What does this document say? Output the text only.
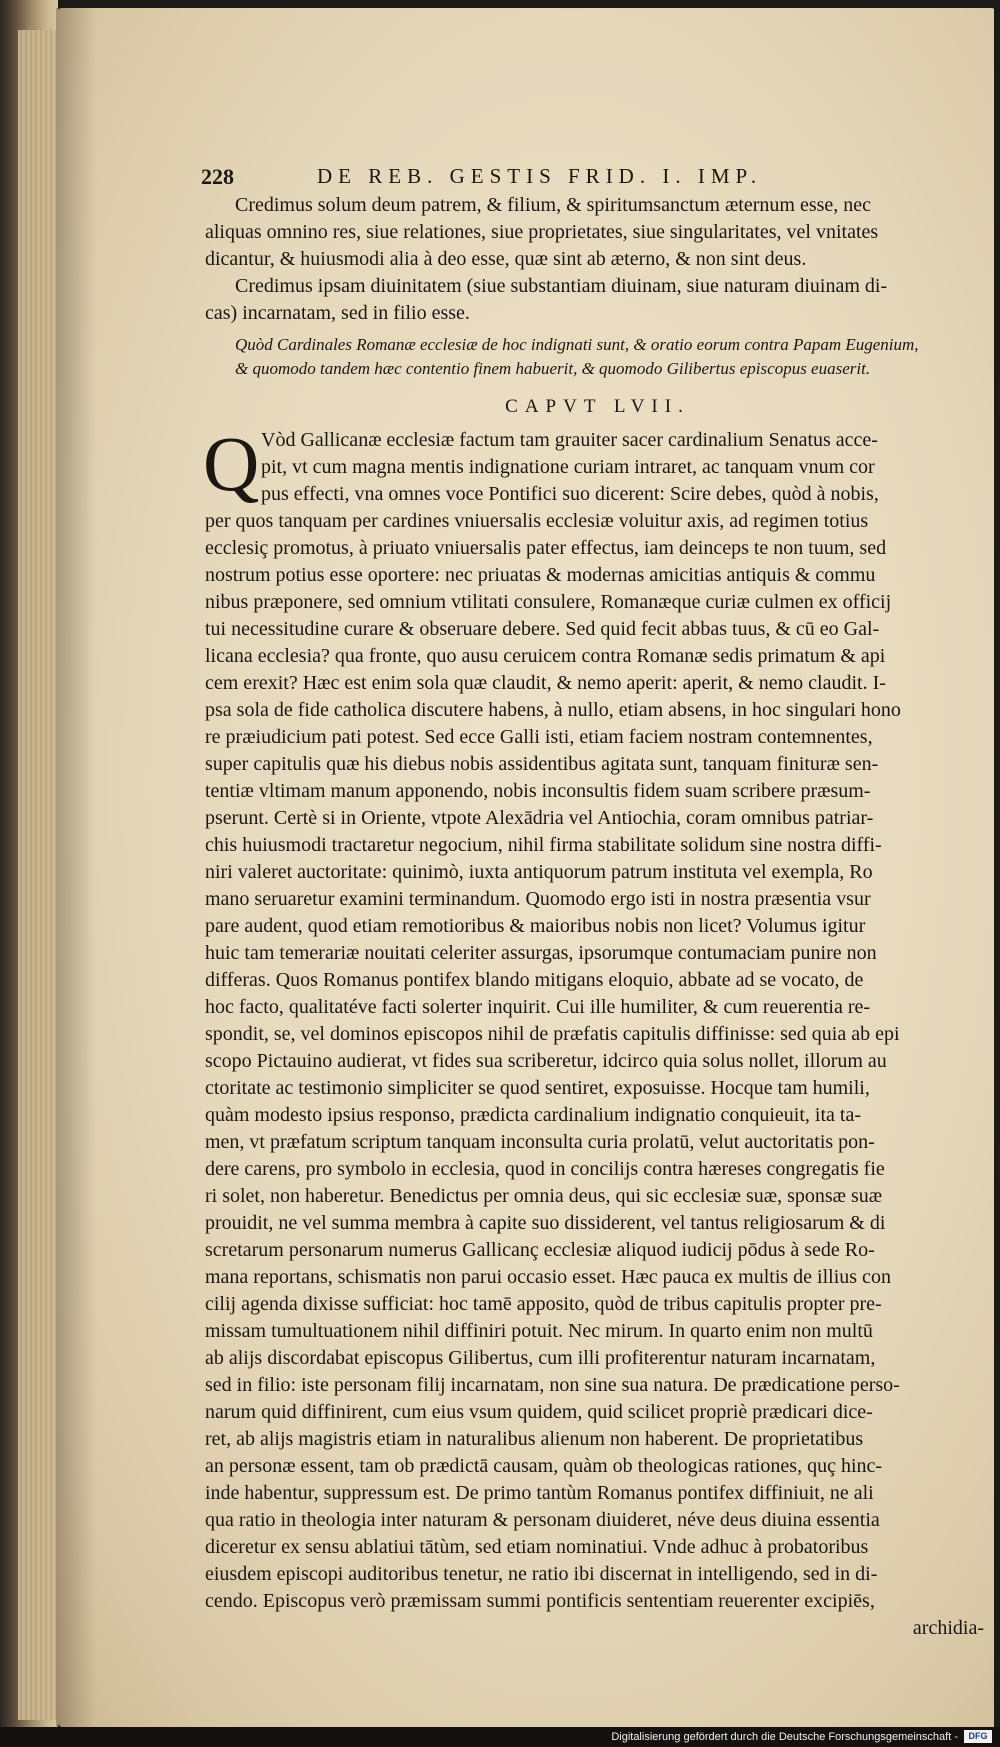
228	DE REB. GESTIS FRID. I. IMP.
Credimus solum deum patrem, & filium, & spiritumsanctum æternum esse, nec
aliquas omnino res, siue relationes, siue proprietates, siue singularitates, vel vnitates
dicantur, & huiusmodi alia à deo esse, quæ sint ab æterno, & non sint deus.
Credimus ipsam diuinitatem (siue substantiam diuinam, siue naturam diuinam di-
cas) incarnatam, sed in filio esse.
Quòd Cardinales Romanæ ecclesiæ de hoc indignati sunt, & oratio eorum contra Papam Eugenium,
& quomodo tandem hæc contentio finem habuerit, & quomodo Gilibertus episcopus euaserit.
CAPVT LVII.
Q Vòd Gallicanæ ecclesiæ factum tam grauiter sacer cardinalium Senatus acce-
pit, vt cum magna mentis indignatione curiam intraret, ac tanquam vnum cor
pus effecti, vna omnes voce Pontifici suo dicerent: Scire debes, quòd à nobis,
per quos tanquam per cardines vniuersalis ecclesiæ voluitur axis, ad regimen totius
ecclesiç promotus, à priuato vniuersalis pater effectus, iam deinceps te non tuum, sed
nostrum potius esse oportere: nec priuatas & modernas amicitias antiquis & commu
nibus præponere, sed omnium vtilitati consulere, Romanæque curiæ culmen ex officij
tui necessitudine curare & obseruare debere. Sed quid fecit abbas tuus, & cū eo Gal-
licana ecclesia? qua fronte, quo ausu ceruicem contra Romanæ sedis primatum & api
cem erexit? Hæc est enim sola quæ claudit, & nemo aperit: aperit, & nemo claudit. I-
psa sola de fide catholica discutere habens, à nullo, etiam absens, in hoc singulari hono
re præiudicium pati potest. Sed ecce Galli isti, etiam faciem nostram contemnentes,
super capitulis quæ his diebus nobis assidentibus agitata sunt, tanquam finituræ sen-
tentiæ vltimam manum apponendo, nobis inconsultis fidem suam scribere præsum-
pserunt. Certè si in Oriente, vtpote Alexādria vel Antiochia, coram omnibus patriar-
chis huiusmodi tractaretur negocium, nihil firma stabilitate solidum sine nostra diffi-
niri valeret auctoritate: quinimò, iuxta antiquorum patrum instituta vel exempla, Ro
mano seruaretur examini terminandum. Quomodo ergo isti in nostra præsentia vsur
pare audent, quod etiam remotioribus & maioribus nobis non licet? Volumus igitur
huic tam temerariæ nouitati celeriter assurgas, ipsorumque contumaciam punire non
differas. Quos Romanus pontifex blando mitigans eloquio, abbate ad se vocato, de
hoc facto, qualitatéve facti solerter inquirit. Cui ille humiliter, & cum reuerentia re-
spondit, se, vel dominos episcopos nihil de præfatis capitulis diffinisse: sed quia ab epi
scopo Pictauino audierat, vt fides sua scriberetur, idcirco quia solus nollet, illorum au
ctoritate ac testimonio simpliciter se quod sentiret, exposuisse. Hocque tam humili,
quàm modesto ipsius responso, prædicta cardinalium indignatio conquieuit, ita ta-
men, vt præfatum scriptum tanquam inconsulta curia prolatū, velut auctoritatis pon-
dere carens, pro symbolo in ecclesia, quod in concilijs contra hæreses congregatis fie
ri solet, non haberetur. Benedictus per omnia deus, qui sic ecclesiæ suæ, sponsæ suæ
prouidit, ne vel summa membra à capite suo dissiderent, vel tantus religiosarum & di
scretarum personarum numerus Gallicanç ecclesiæ aliquod iudicij pōdus à sede Ro-
mana reportans, schismatis non parui occasio esset. Hæc pauca ex multis de illius con
cilij agenda dixisse sufficiat: hoc tamē apposito, quòd de tribus capitulis propter pre-
missam tumultuationem nihil diffiniri potuit. Nec mirum. In quarto enim non multū
ab alijs discordabat episcopus Gilibertus, cum illi profiterentur naturam incarnatam,
sed in filio: iste personam filij incarnatam, non sine sua natura. De prædicatione perso-
narum quid diffinirent, cum eius vsum quidem, quid scilicet propriè prædicari dice-
ret, ab alijs magistris etiam in naturalibus alienum non haberent. De proprietatibus
an personæ essent, tam ob prædictā causam, quàm ob theologicas rationes, quç hinc-
inde habentur, suppressum est. De primo tantùm Romanus pontifex diffiniuit, ne ali
qua ratio in theologia inter naturam & personam diuideret, néve deus diuina essentia
diceretur ex sensu ablatiui tātùm, sed etiam nominatiui. Vnde adhuc à probatoribus
eiusdem episcopi auditoribus tenetur, ne ratio ibi discernat in intelligendo, sed in di-
cendo. Episcopus verò præmissam summi pontificis sententiam reuerenter excipiēs,
archidia-
Digitalisierung gefördert durch die Deutsche Forschungsgemeinschaft -	DFG
